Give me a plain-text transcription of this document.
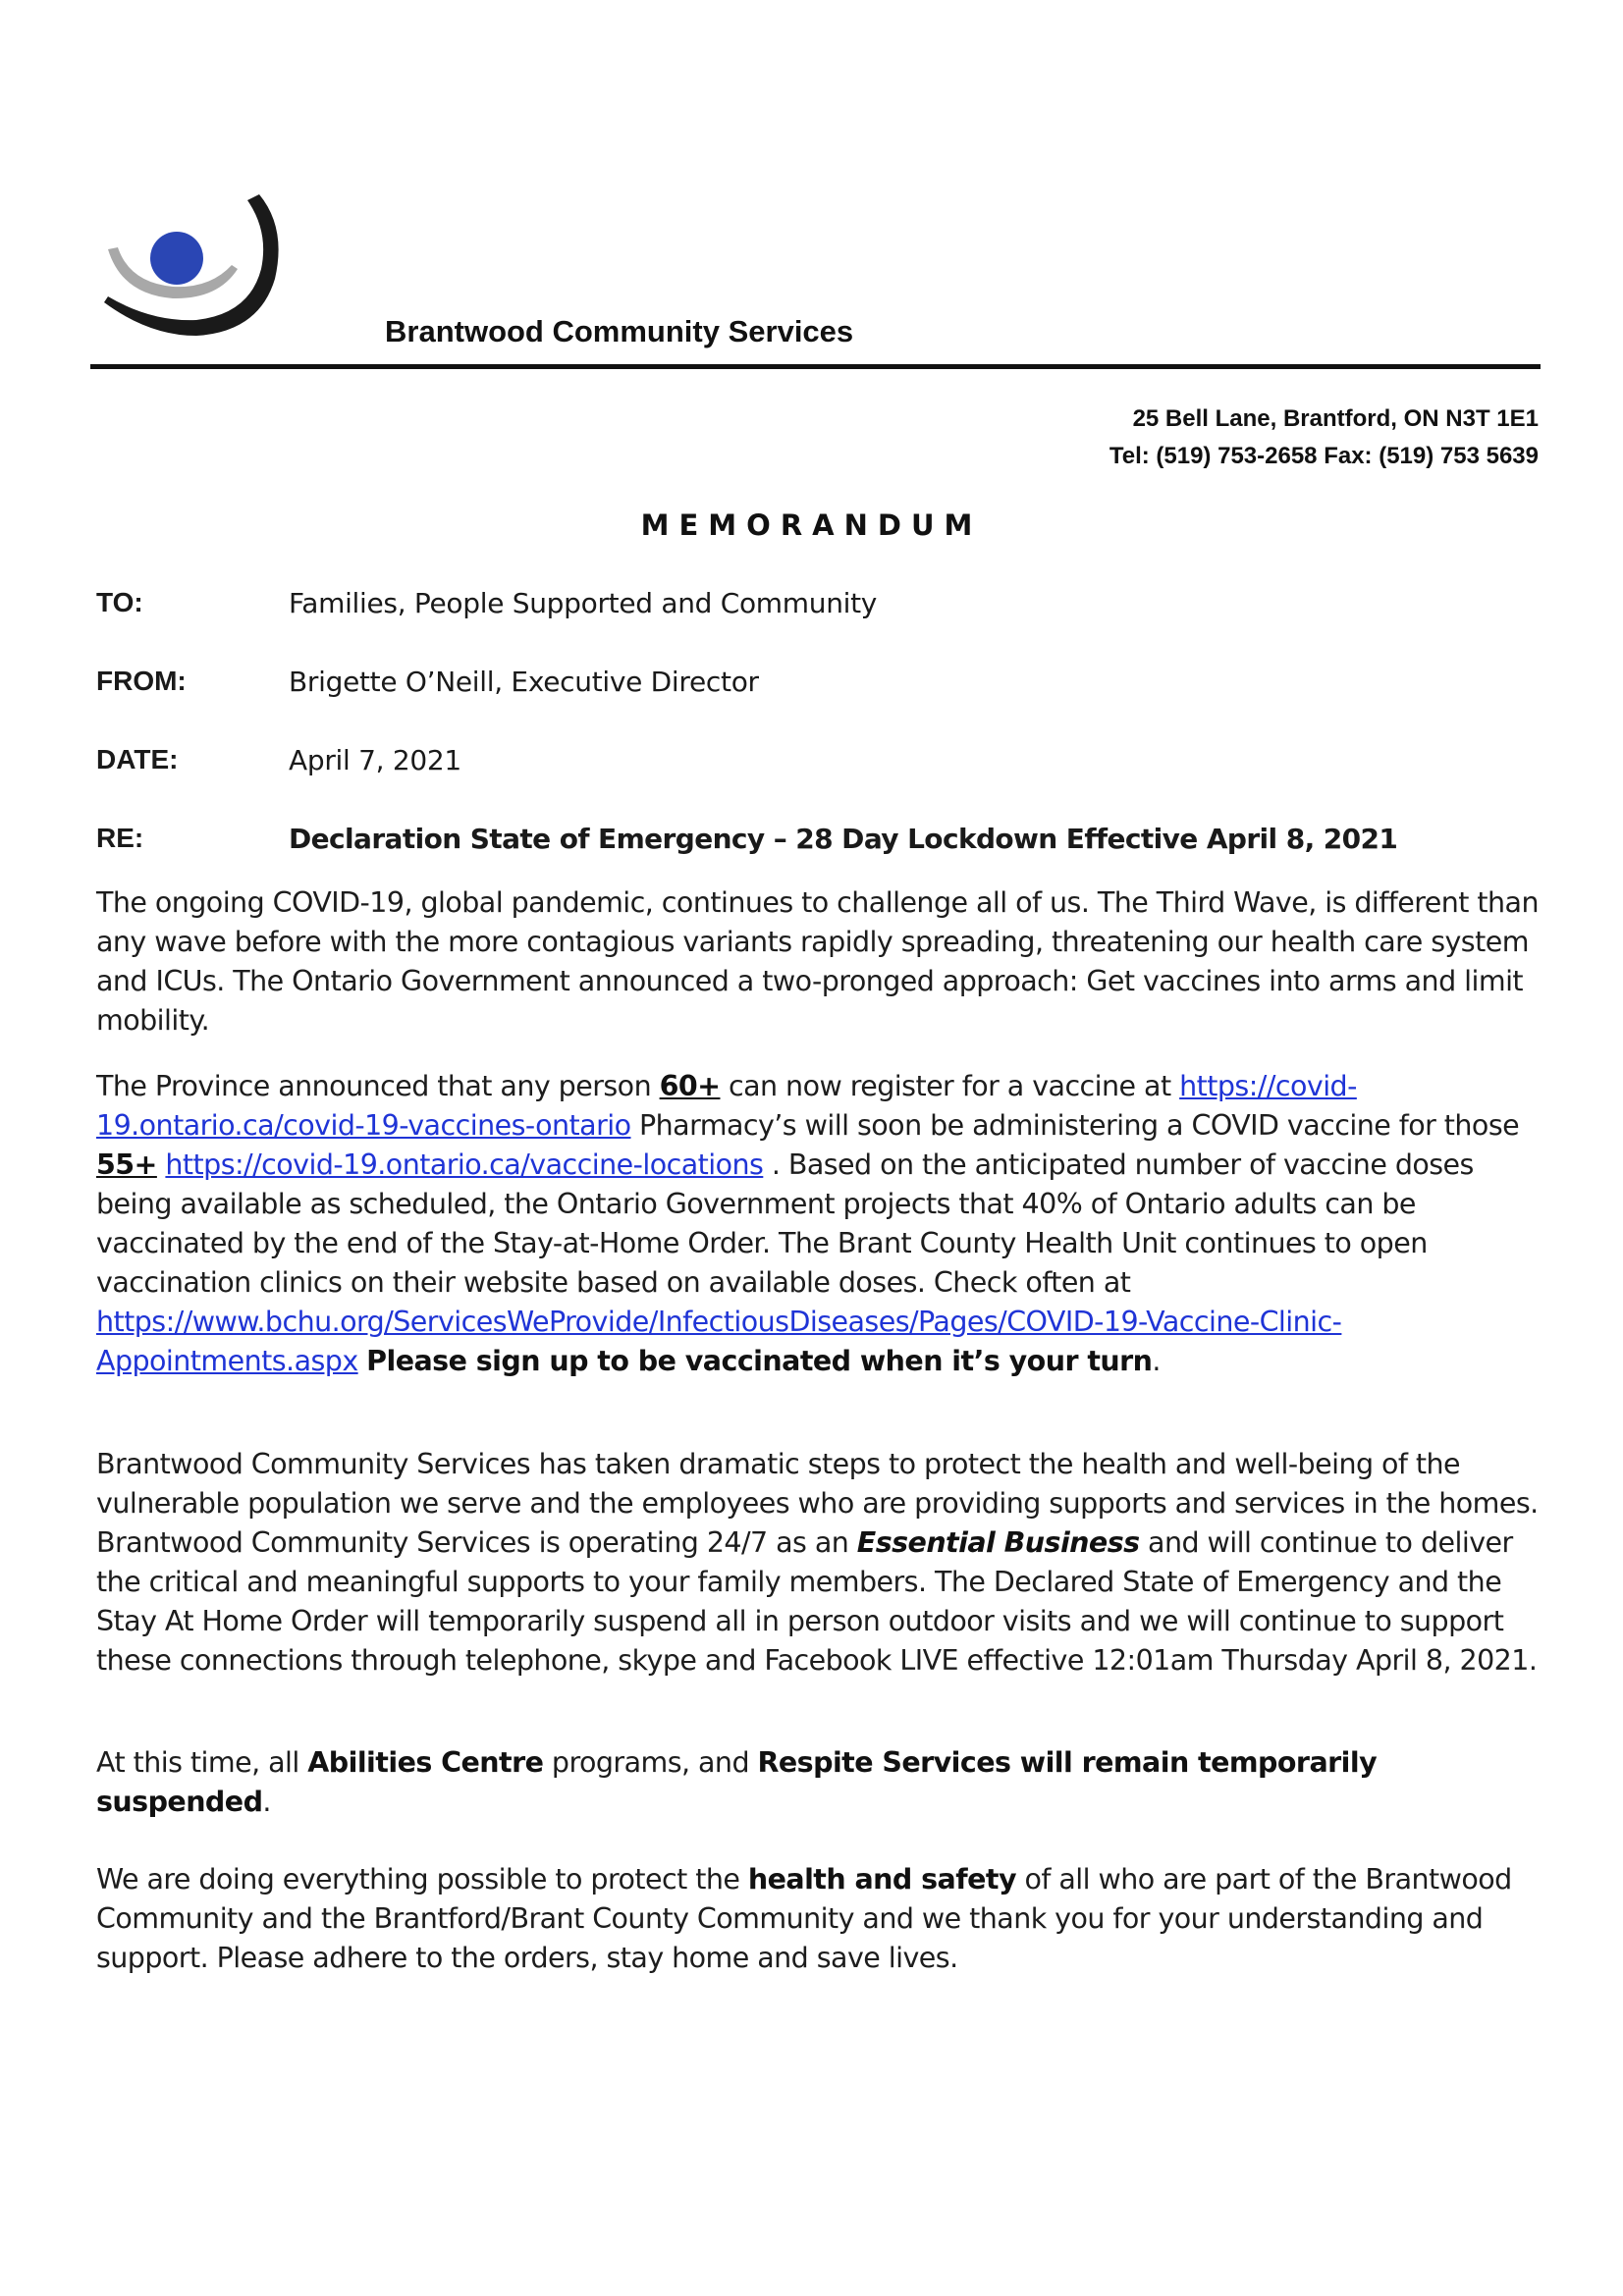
Brantwood Community Services
25 Bell Lane, Brantford, ON N3T 1E1
Tel: (519) 753-2658 Fax: (519) 753 5639
MEMORANDUM
TO:	Families, People Supported and Community
FROM:	Brigette O’Neill, Executive Director
DATE:	April 7, 2021
RE:	Declaration State of Emergency – 28 Day Lockdown Effective April 8, 2021

The ongoing COVID-19, global pandemic, continues to challenge all of us. The Third Wave, is different than any wave before with the more contagious variants rapidly spreading, threatening our health care system and ICUs. The Ontario Government announced a two-pronged approach: Get vaccines into arms and limit mobility.

The Province announced that any person 60+ can now register for a vaccine at https://covid-19.ontario.ca/covid-19-vaccines-ontario Pharmacy’s will soon be administering a COVID vaccine for those 55+ https://covid-19.ontario.ca/vaccine-locations . Based on the anticipated number of vaccine doses being available as scheduled, the Ontario Government projects that 40% of Ontario adults can be vaccinated by the end of the Stay-at-Home Order. The Brant County Health Unit continues to open vaccination clinics on their website based on available doses. Check often at https://www.bchu.org/ServicesWeProvide/InfectiousDiseases/Pages/COVID-19-Vaccine-Clinic-Appointments.aspx Please sign up to be vaccinated when it’s your turn.

Brantwood Community Services has taken dramatic steps to protect the health and well-being of the vulnerable population we serve and the employees who are providing supports and services in the homes. Brantwood Community Services is operating 24/7 as an Essential Business and will continue to deliver the critical and meaningful supports to your family members. The Declared State of Emergency and the Stay At Home Order will temporarily suspend all in person outdoor visits and we will continue to support these connections through telephone, skype and Facebook LIVE effective 12:01am Thursday April 8, 2021.

At this time, all Abilities Centre programs, and Respite Services will remain temporarily suspended.

We are doing everything possible to protect the health and safety of all who are part of the Brantwood Community and the Brantford/Brant County Community and we thank you for your understanding and support. Please adhere to the orders, stay home and save lives.
